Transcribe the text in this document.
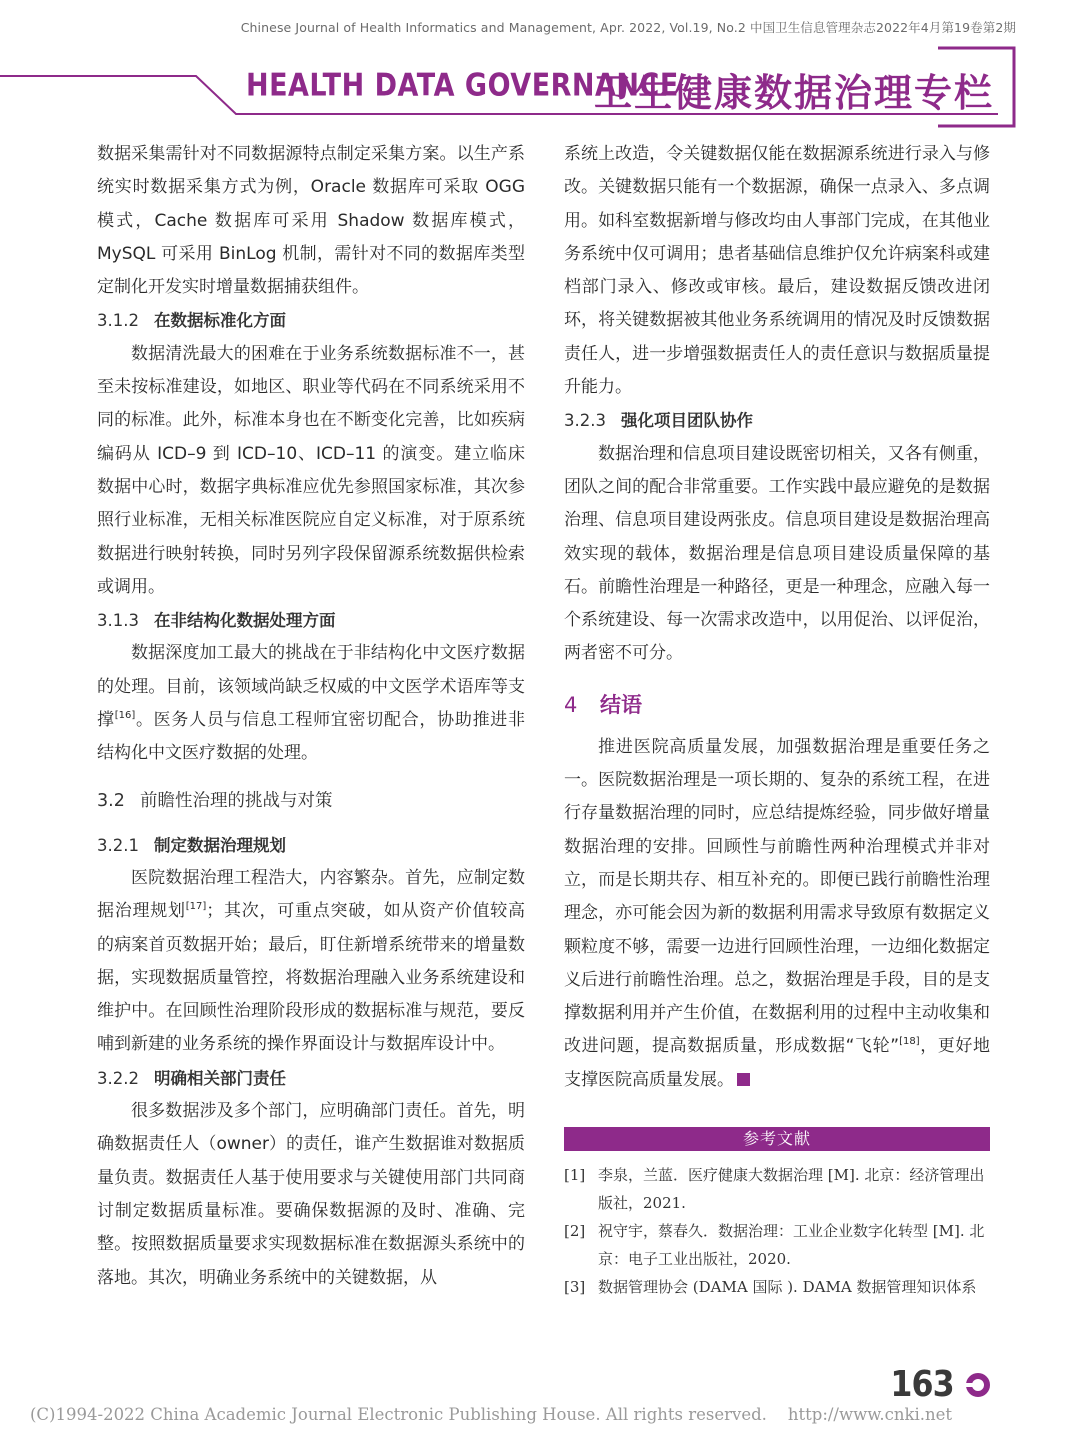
Chinese Journal of Health Informatics and Management, Apr. 2022, Vol.19, No.2 中国卫生信息管理杂志2022年4月第19卷第2期
HEALTH DATA GOVERNANCE
卫生健康数据治理专栏

数据采集需针对不同数据源特点制定采集方案。以生产系统实时数据采集方式为例，Oracle 数据库可采取 OGG 模式，Cache 数据库可采用 Shadow 数据库模式，MySQL 可采用 BinLog 机制，需针对不同的数据库类型定制化开发实时增量数据捕获组件。

3.1.2 在数据标准化方面

数据清洗最大的困难在于业务系统数据标准不一，甚至未按标准建设，如地区、职业等代码在不同系统采用不同的标准。此外，标准本身也在不断变化完善，比如疾病编码从 ICD–9 到 ICD–10、ICD–11 的演变。建立临床数据中心时，数据字典标准应优先参照国家标准，其次参照行业标准，无相关标准医院应自定义标准，对于原系统数据进行映射转换，同时另列字段保留源系统数据供检索或调用。

3.1.3 在非结构化数据处理方面

数据深度加工最大的挑战在于非结构化中文医疗数据的处理。目前，该领域尚缺乏权威的中文医学术语库等支撑[16]。医务人员与信息工程师宜密切配合，协助推进非结构化中文医疗数据的处理。

3.2 前瞻性治理的挑战与对策
3.2.1 制定数据治理规划

医院数据治理工程浩大，内容繁杂。首先，应制定数据治理规划[17]；其次，可重点突破，如从资产价值较高的病案首页数据开始；最后，盯住新增系统带来的增量数据，实现数据质量管控，将数据治理融入业务系统建设和维护中。在回顾性治理阶段形成的数据标准与规范，要反哺到新建的业务系统的操作界面设计与数据库设计中。

3.2.2 明确相关部门责任

很多数据涉及多个部门，应明确部门责任。首先，明确数据责任人（owner）的责任，谁产生数据谁对数据质量负责。数据责任人基于使用要求与关键使用部门共同商讨制定数据质量标准。要确保数据源的及时、准确、完整。按照数据质量要求实现数据标准在数据源头系统中的落地。其次，明确业务系统中的关键数据，从

系统上改造，令关键数据仅能在数据源系统进行录入与修改。关键数据只能有一个数据源，确保一点录入、多点调用。如科室数据新增与修改均由人事部门完成，在其他业务系统中仅可调用；患者基础信息维护仅允许病案科或建档部门录入、修改或审核。最后，建设数据反馈改进闭环，将关键数据被其他业务系统调用的情况及时反馈数据责任人，进一步增强数据责任人的责任意识与数据质量提升能力。

3.2.3 强化项目团队协作

数据治理和信息项目建设既密切相关，又各有侧重，团队之间的配合非常重要。工作实践中最应避免的是数据治理、信息项目建设两张皮。信息项目建设是数据治理高效实现的载体，数据治理是信息项目建设质量保障的基石。前瞻性治理是一种路径，更是一种理念，应融入每一个系统建设、每一次需求改造中，以用促治、以评促治，两者密不可分。

4 结语

推进医院高质量发展，加强数据治理是重要任务之一。医院数据治理是一项长期的、复杂的系统工程，在进行存量数据治理的同时，应总结提炼经验，同步做好增量数据治理的安排。回顾性与前瞻性两种治理模式并非对立，而是长期共存、相互补充的。即便已践行前瞻性治理理念，亦可能会因为新的数据利用需求导致原有数据定义颗粒度不够，需要一边进行回顾性治理，一边细化数据定义后进行前瞻性治理。总之，数据治理是手段，目的是支撑数据利用并产生价值，在数据利用的过程中主动收集和改进问题，提高数据质量，形成数据“飞轮”[18]，更好地支撑医院高质量发展。

参考文献
[1] 李泉，兰蓝．医疗健康大数据治理 [M]. 北京：经济管理出版社，2021.
[2] 祝守宇，蔡春久．数据治理：工业企业数字化转型 [M]. 北京：电子工业出版社，2020.
[3] 数据管理协会 (DAMA 国际 ). DAMA 数据管理知识体系
163
(C)1994-2022 China Academic Journal Electronic Publishing House. All rights reserved.    http://www.cnki.net
